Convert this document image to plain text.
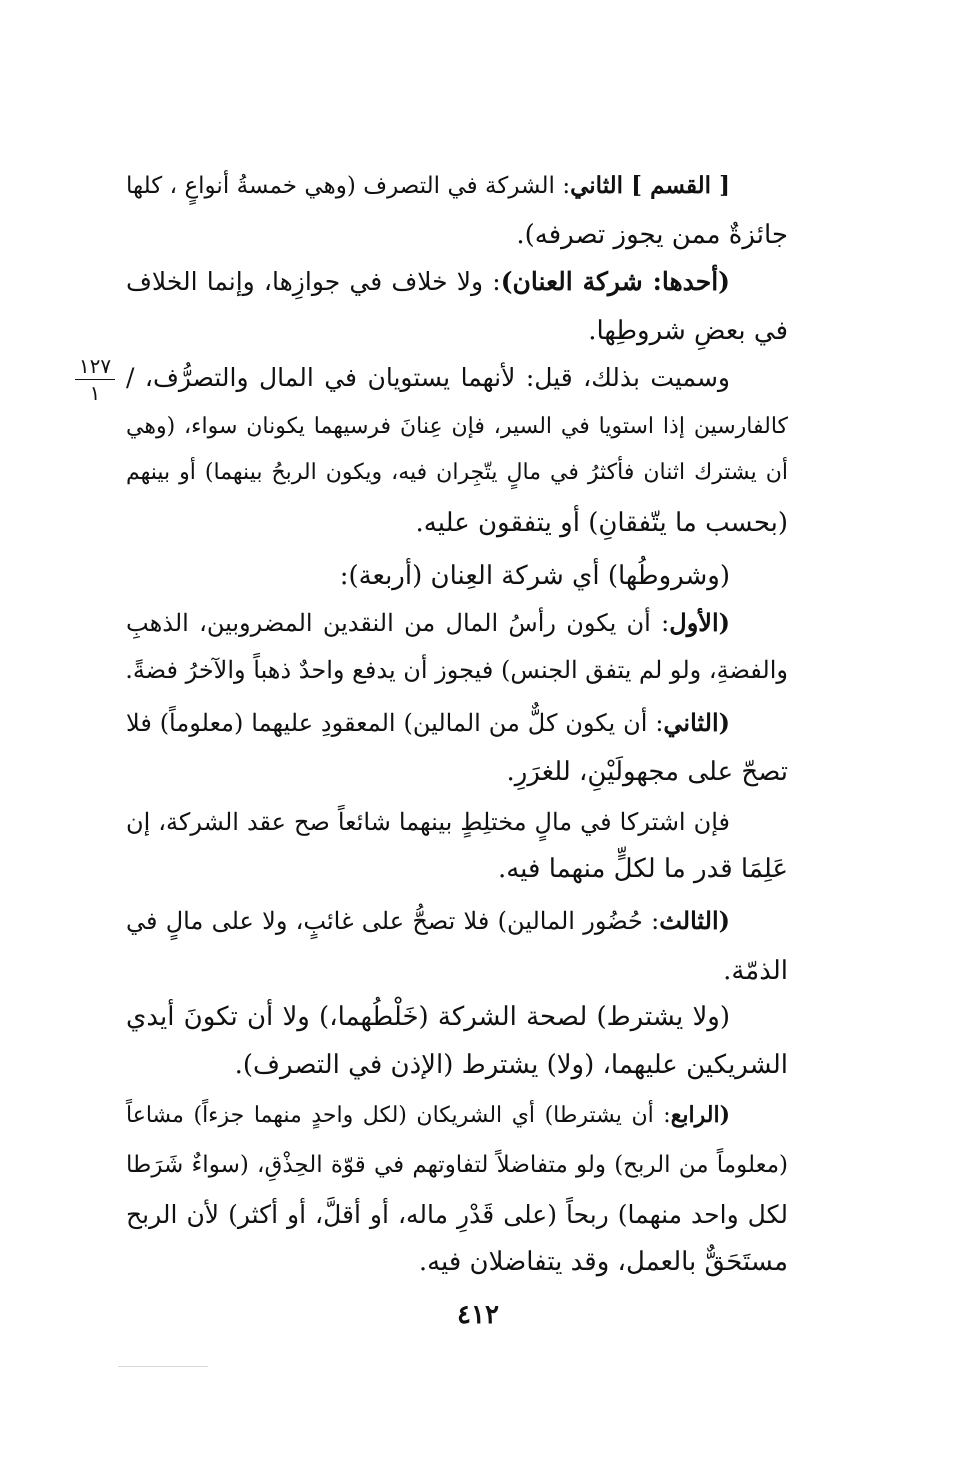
[ القسم ] الثاني: الشركة في التصرف (وهي خمسةُ أنواعٍ ، كلها
جائزةٌ ممن يجوز تصرفه).
(أحدها: شركة العنان): ولا خلاف في جوازِها، وإنما الخلاف
في بعضِ شروطِها.
وسميت بذلك، قيل: لأنهما يستويان في المال والتصرُّف، /
كالفارسين إذا استويا في السير، فإن عِنانَ فرسيهما يكونان سواء، (وهي
أن يشترك اثنان فأكثرُ في مالٍ يتّجِران فيه، ويكون الربحُ بينهما) أو بينهم
(بحسب ما يتّفقانِ) أو يتفقون عليه.
(وشروطُها) أي شركة العِنان (أربعة):
(الأول: أن يكون رأسُ المال من النقدين المضروبين، الذهبِ
والفضةِ، ولو لم يتفق الجنس) فيجوز أن يدفع واحدٌ ذهباً والآخرُ فضةً.
(الثاني: أن يكون كلٌّ من المالين) المعقودِ عليهما (معلوماً) فلا
تصحّ على مجهولَيْنِ، للغرَرِ.
فإن اشتركا في مالٍ مختلِطٍ بينهما شائعاً صح عقد الشركة، إن
عَلِمَا قدر ما لكلٍّ منهما فيه.
(الثالث: حُضُور المالين) فلا تصحُّ على غائبٍ، ولا على مالٍ في
الذمّة.
(ولا يشترط) لصحة الشركة (خَلْطُهما،) ولا أن تكونَ أيدي
الشريكين عليهما، (ولا) يشترط (الإذن في التصرف).
(الرابع: أن يشترطا) أي الشريكان (لكل واحدٍ منهما جزءاً) مشاعاً
(معلوماً من الربح) ولو متفاضلاً لتفاوتهم في قوّة الحِذْقِ، (سواءٌ شَرَطا
لكل واحد منهما) ربحاً (على قَدْرِ ماله، أو أقلَّ، أو أكثر) لأن الربح
مستَحَقٌّ بالعمل، وقد يتفاضلان فيه.
١٢٧
١
٤١٢
